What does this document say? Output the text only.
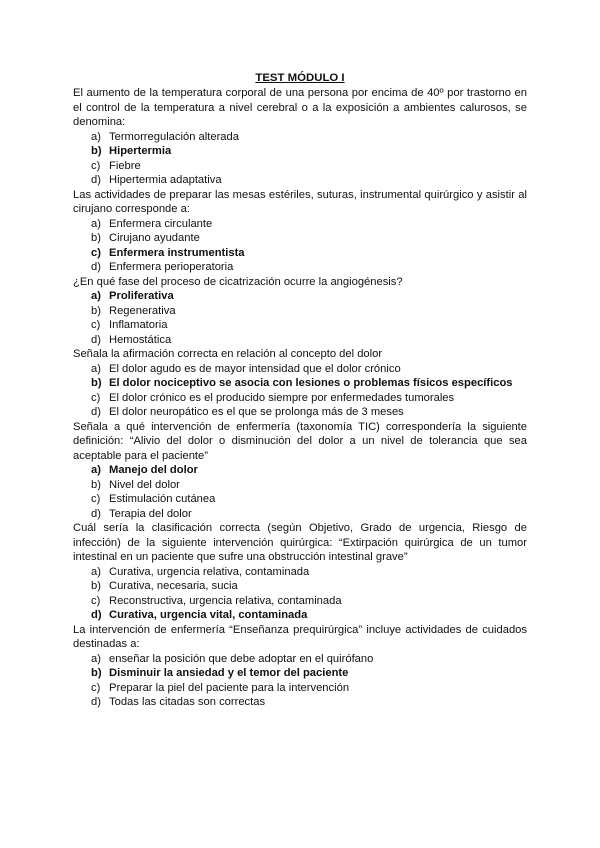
TEST MÓDULO I

El aumento de la temperatura corporal de una persona por encima de 40º por trastorno en el control de la temperatura a nivel cerebral o a la exposición a ambientes calurosos, se denomina:

a) Termorregulación alterada
b) Hipertermia
c) Fiebre
d) Hipertermia adaptativa

Las actividades de preparar las mesas estériles, suturas, instrumental quirúrgico y asistir al cirujano corresponde a:

a) Enfermera circulante
b) Cirujano ayudante
c) Enfermera instrumentista
d) Enfermera perioperatoria

¿En qué fase del proceso de cicatrización ocurre la angiogénesis?

a) Proliferativa
b) Regenerativa
c) Inflamatoria
d) Hemostática

Señala la afirmación correcta en relación al concepto del dolor

a) El dolor agudo es de mayor intensidad que el dolor crónico
b) El dolor nociceptivo se asocia con lesiones o problemas físicos específicos
c) El dolor crónico es el producido siempre por enfermedades tumorales
d) El dolor neuropático es el que se prolonga más de 3 meses

Señala a qué intervención de enfermería (taxonomía TIC) correspondería la siguiente definición: “Alivio del dolor o disminución del dolor a un nivel de tolerancia que sea aceptable para el paciente”

a) Manejo del dolor
b) Nivel del dolor
c) Estimulación cutánea
d) Terapia del dolor

Cuál sería la clasificación correcta (según Objetivo, Grado de urgencia, Riesgo de infección) de la siguiente intervención quirúrgica: “Extirpación quirúrgica de un tumor intestinal en un paciente que sufre una obstrucción intestinal grave”

a) Curativa, urgencia relativa, contaminada
b) Curativa, necesaria, sucia
c) Reconstructiva, urgencia relativa, contaminada
d) Curativa, urgencia vital, contaminada

La intervención de enfermería “Enseñanza prequirúrgica” incluye actividades de cuidados destinadas a:

a) enseñar la posición que debe adoptar en el quirófano
b) Disminuir la ansiedad y el temor del paciente
c) Preparar la piel del paciente para la intervención
d) Todas las citadas son correctas
